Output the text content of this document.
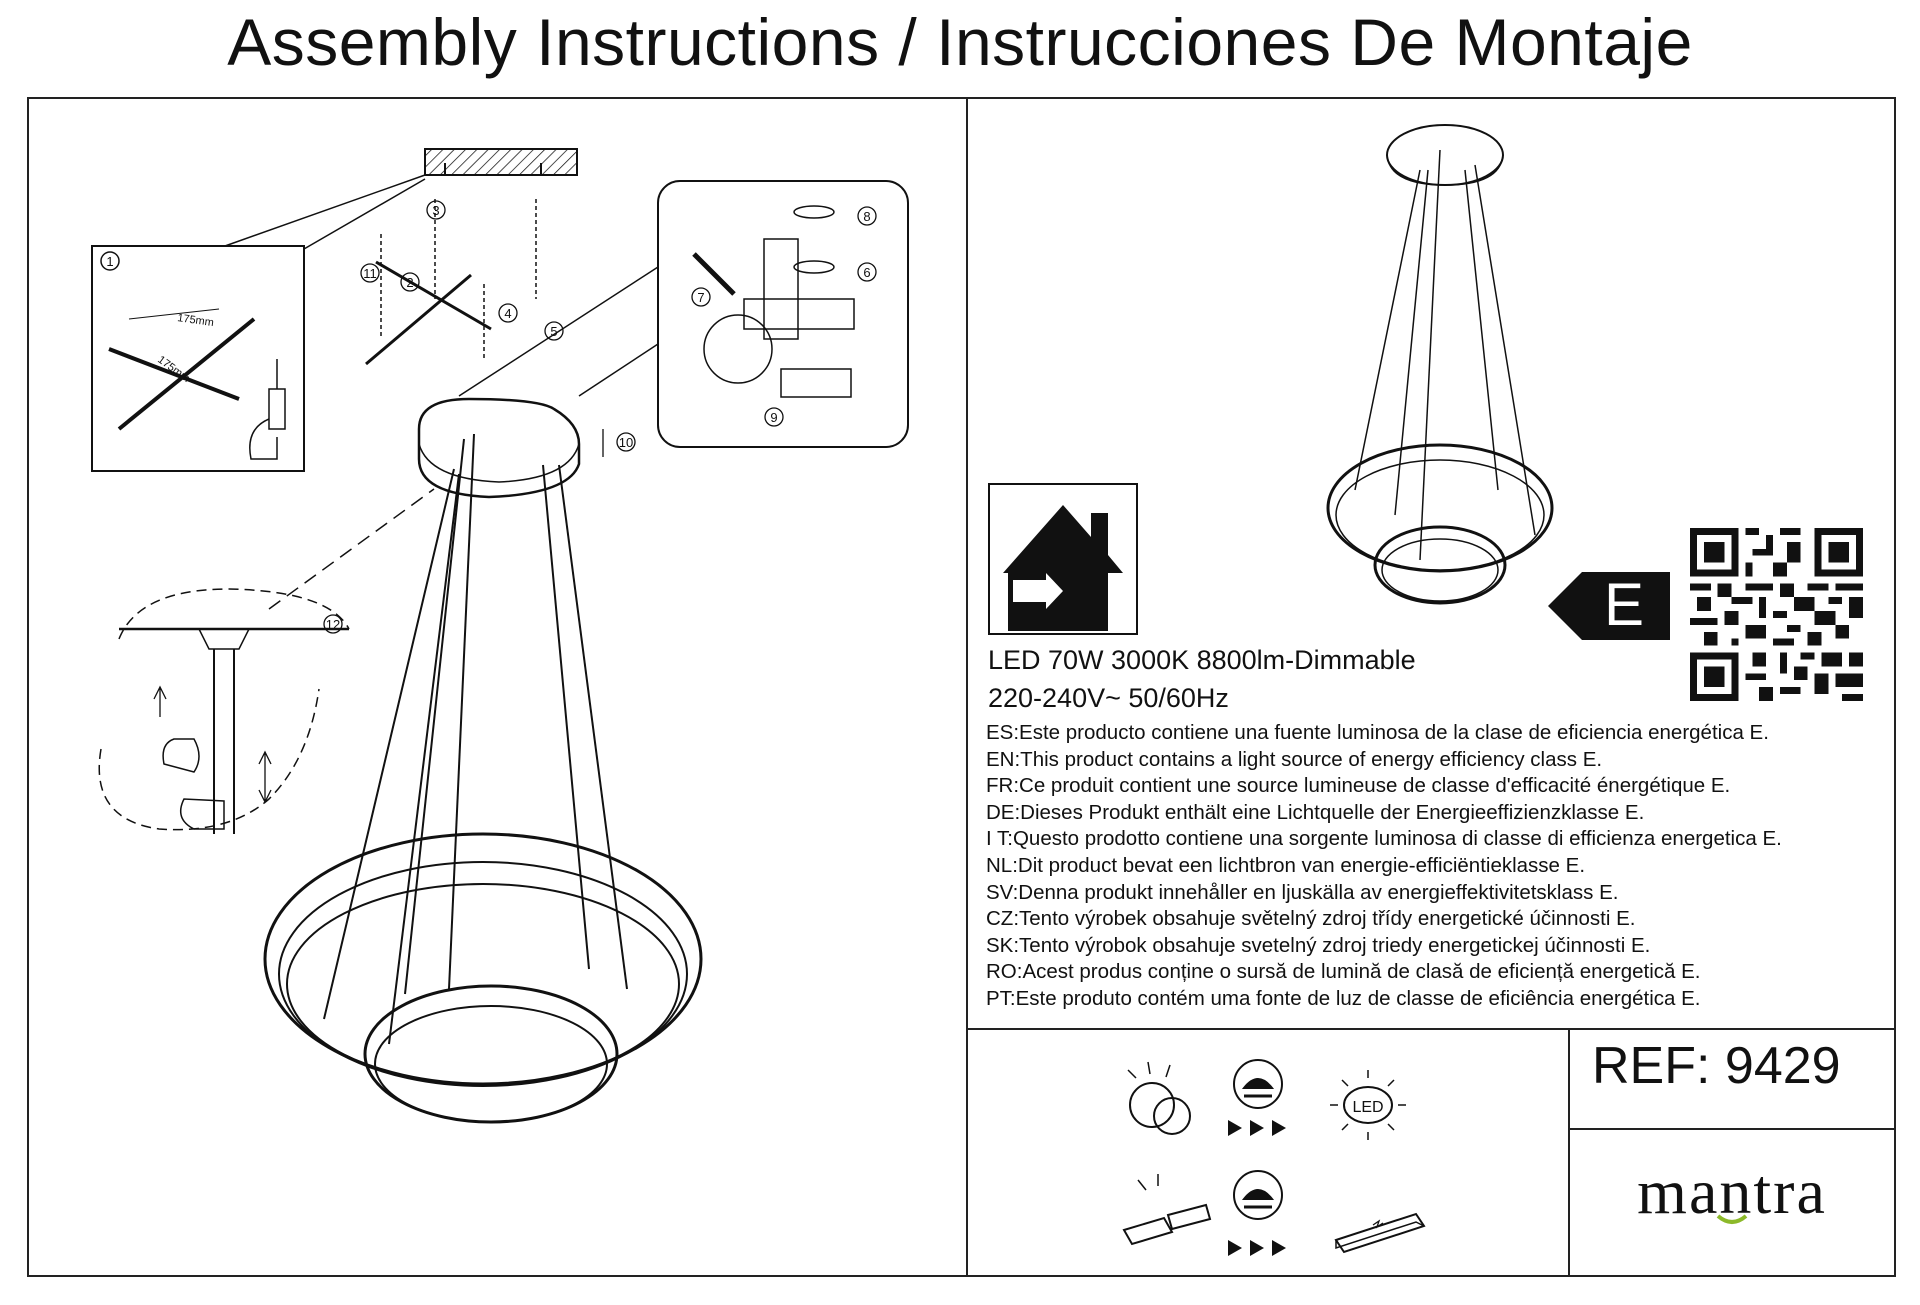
Assembly Instructions / Instrucciones De Montaje
1
175mm
175mm
3
2
11
4
5
8
6
7
9
10
12	E
LED 70W 3000K 8800lm-Dimmable
220-240V~ 50/60Hz
ES:Este producto contiene una fuente luminosa de la clase de eficiencia energética E.
EN:This product contains a light source of energy efficiency class E.
FR:Ce produit contient une source lumineuse de classe d'efficacité énergétique E.
DE:Dieses Produkt enthält eine Lichtquelle der Energieeffizienzklasse E.
I T:Questo prodotto contiene una sorgente luminosa di classe di efficienza energetica E.
NL:Dit product bevat een lichtbron van energie-efficiëntieklasse E.
SV:Denna produkt innehåller en ljuskälla av energieffektivitetsklass E.
CZ:Tento výrobek obsahuje světelný zdroj třídy energetické účinnosti E.
SK:Tento výrobok obsahuje svetelný zdroj triedy energetickej účinnosti E.
RO:Acest produs conține o sursă de lumină de clasă de eficiență energetică E.
PT:Este produto contém uma fonte de luz de classe de eficiência energética E.
LED
REF: 9429
mantra
